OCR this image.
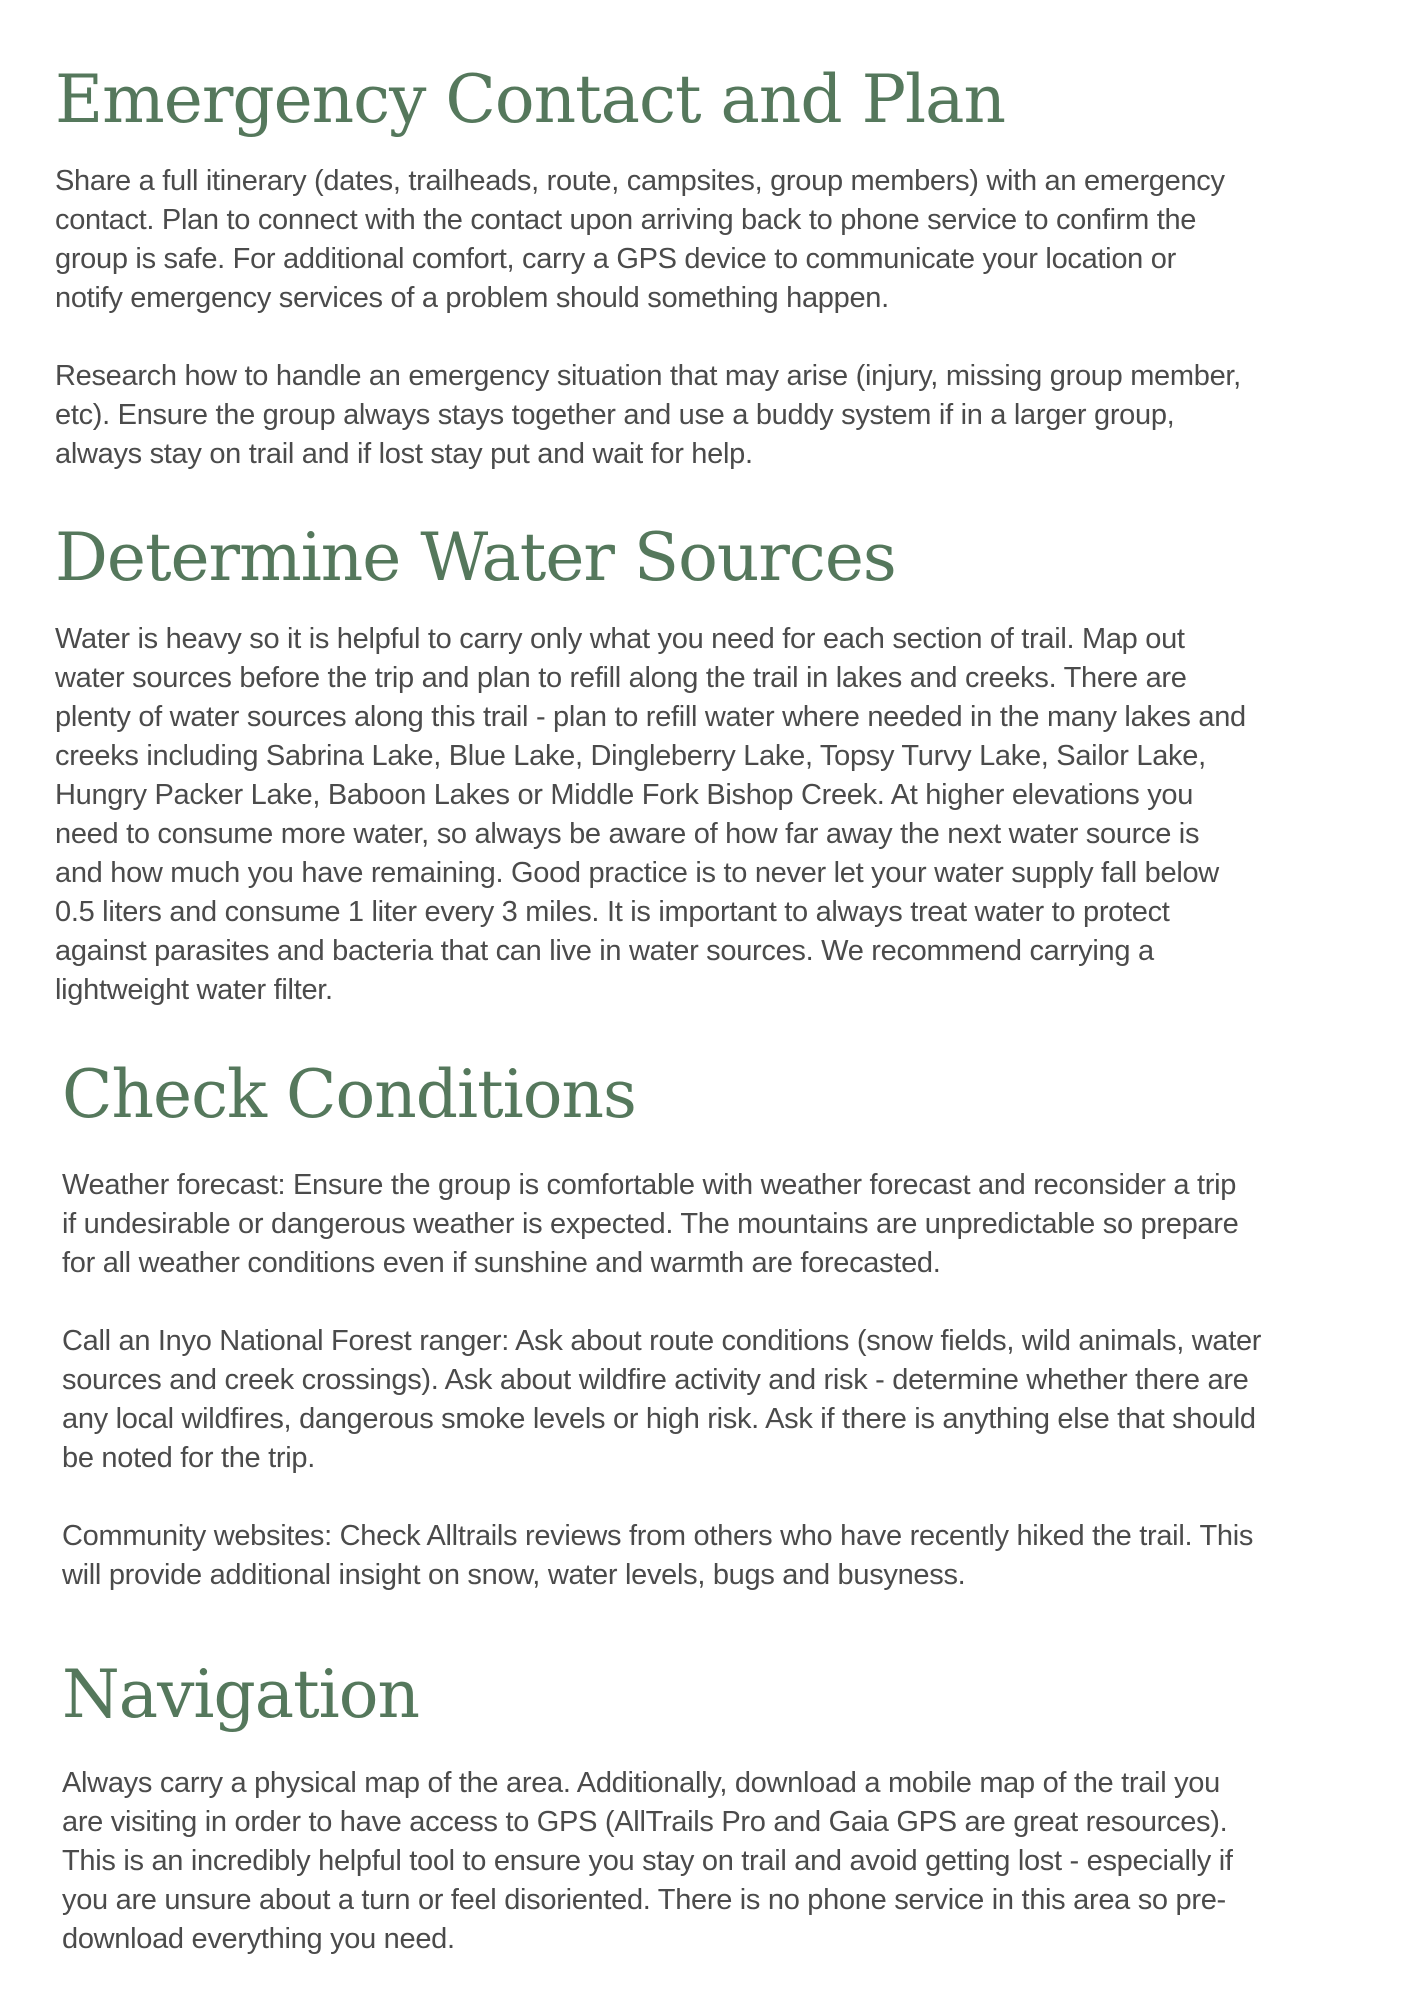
Emergency Contact and Plan

Share a full itinerary (dates, trailheads, route, campsites, group members) with an emergency
contact. Plan to connect with the contact upon arriving back to phone service to confirm the
group is safe. For additional comfort, carry a GPS device to communicate your location or
notify emergency services of a problem should something happen.

Research how to handle an emergency situation that may arise (injury, missing group member,
etc). Ensure the group always stays together and use a buddy system if in a larger group,
always stay on trail and if lost stay put and wait for help.

Determine Water Sources

Water is heavy so it is helpful to carry only what you need for each section of trail. Map out
water sources before the trip and plan to refill along the trail in lakes and creeks. There are
plenty of water sources along this trail - plan to refill water where needed in the many lakes and
creeks including Sabrina Lake, Blue Lake, Dingleberry Lake, Topsy Turvy Lake, Sailor Lake,
Hungry Packer Lake, Baboon Lakes or Middle Fork Bishop Creek. At higher elevations you
need to consume more water, so always be aware of how far away the next water source is
and how much you have remaining. Good practice is to never let your water supply fall below
0.5 liters and consume 1 liter every 3 miles. It is important to always treat water to protect
against parasites and bacteria that can live in water sources. We recommend carrying a
lightweight water filter.

Check Conditions

Weather forecast: Ensure the group is comfortable with weather forecast and reconsider a trip
if undesirable or dangerous weather is expected. The mountains are unpredictable so prepare
for all weather conditions even if sunshine and warmth are forecasted.

Call an Inyo National Forest ranger: Ask about route conditions (snow fields, wild animals, water
sources and creek crossings). Ask about wildfire activity and risk - determine whether there are
any local wildfires, dangerous smoke levels or high risk. Ask if there is anything else that should
be noted for the trip.

Community websites: Check Alltrails reviews from others who have recently hiked the trail. This
will provide additional insight on snow, water levels, bugs and busyness.

Navigation

Always carry a physical map of the area. Additionally, download a mobile map of the trail you
are visiting in order to have access to GPS (AllTrails Pro and Gaia GPS are great resources).
This is an incredibly helpful tool to ensure you stay on trail and avoid getting lost - especially if
you are unsure about a turn or feel disoriented. There is no phone service in this area so pre-
download everything you need.
